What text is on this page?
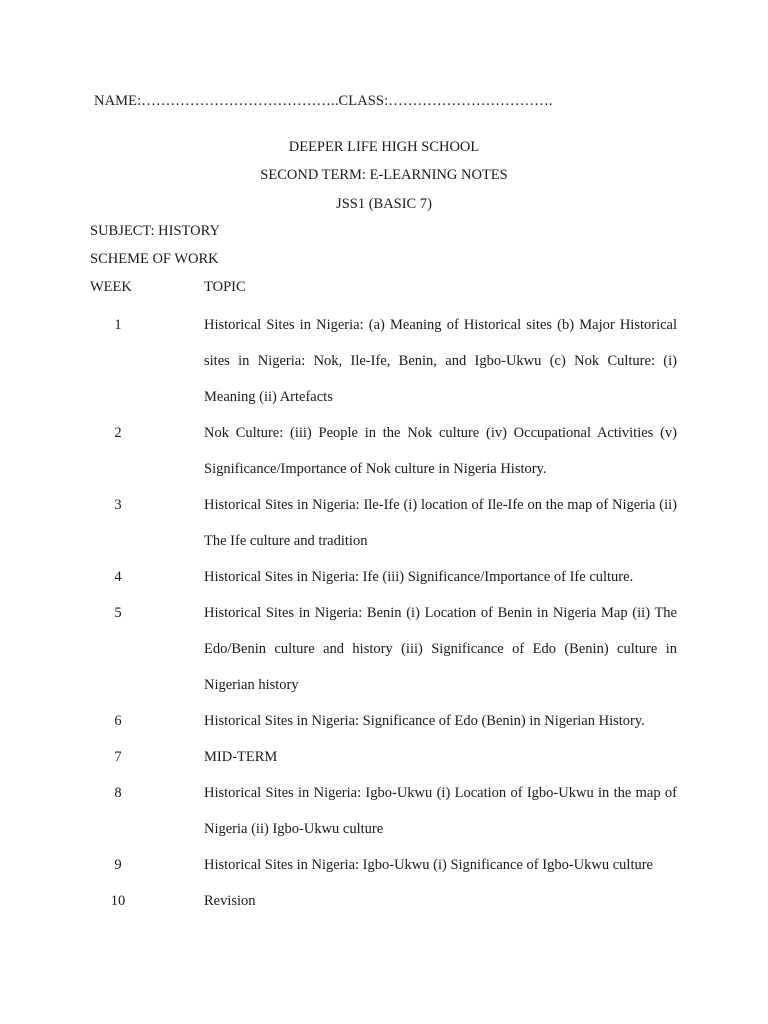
NAME:…………………………………..CLASS:…………………………….
DEEPER LIFE HIGH SCHOOL
SECOND TERM: E-LEARNING NOTES
JSS1 (BASIC 7)
SUBJECT: HISTORY
SCHEME OF WORK
WEEK	TOPIC
1	Historical Sites in Nigeria: (a) Meaning of Historical sites (b) Major Historical sites in Nigeria: Nok, Ile-Ife, Benin, and Igbo-Ukwu (c) Nok Culture: (i) Meaning (ii) Artefacts
2	Nok Culture: (iii) People in the Nok culture (iv) Occupational Activities (v) Significance/Importance of Nok culture in Nigeria History.
3	Historical Sites in Nigeria: Ile-Ife (i) location of Ile-Ife on the map of Nigeria (ii) The Ife culture and tradition
4	Historical Sites in Nigeria: Ife (iii) Significance/Importance of Ife culture.
5	Historical Sites in Nigeria: Benin (i) Location of Benin in Nigeria Map (ii) The Edo/Benin culture and history (iii) Significance of Edo (Benin) culture in Nigerian history
6	Historical Sites in Nigeria: Significance of Edo (Benin) in Nigerian History.
7	MID-TERM
8	Historical Sites in Nigeria: Igbo-Ukwu (i) Location of Igbo-Ukwu in the map of Nigeria (ii) Igbo-Ukwu culture
9	Historical Sites in Nigeria: Igbo-Ukwu (i) Significance of Igbo-Ukwu culture
10	Revision
